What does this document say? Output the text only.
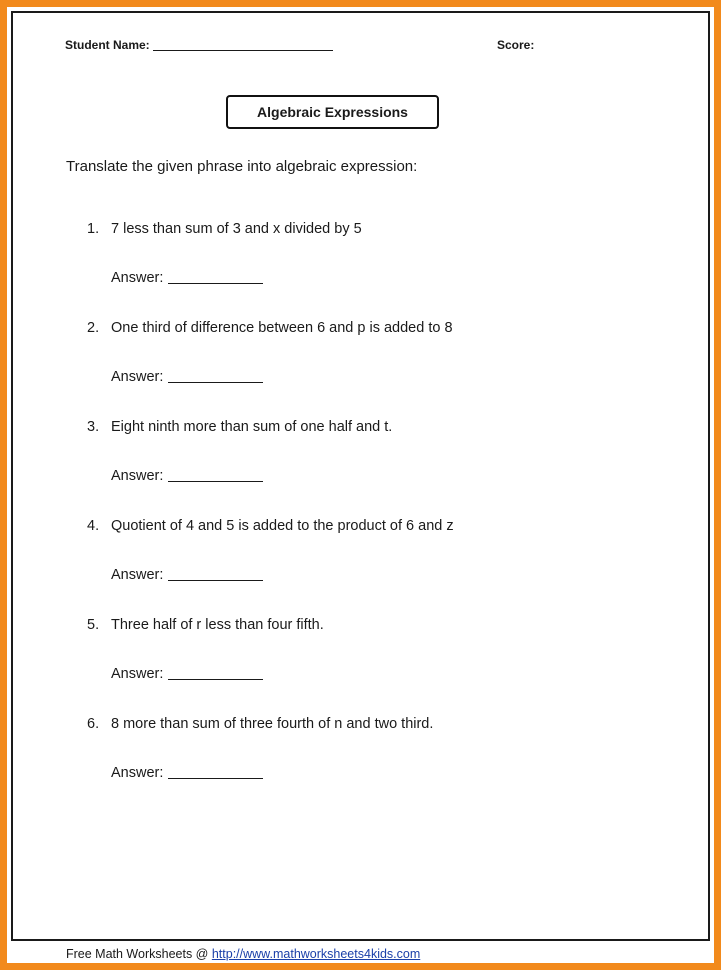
Student Name:	Score:
Algebraic Expressions
Translate the given phrase into algebraic expression:
1. 7 less than sum of 3 and x divided by 5
Answer:
2. One third of difference between 6 and p is added to 8
Answer:
3. Eight ninth more than sum of one half and t.
Answer:
4. Quotient of 4 and 5 is added to the product of 6 and z
Answer:
5. Three half of r less than four fifth.
Answer:
6. 8 more than sum of three fourth of n and two third.
Answer:
Free Math Worksheets @ http://www.mathworksheets4kids.com
